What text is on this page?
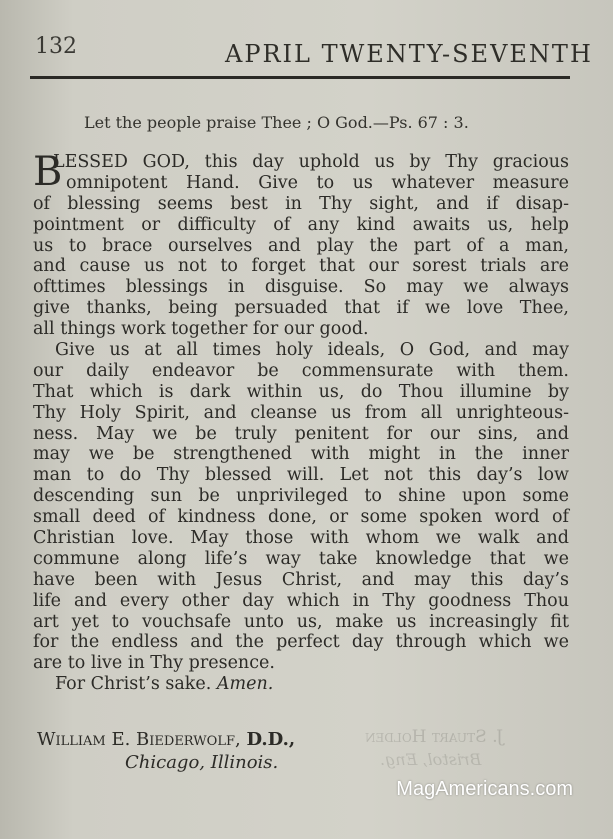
132	APRIL TWENTY-SEVENTH
Let the people praise Thee ; O God.—Ps. 67 : 3.
B
LESSED GOD, this day uphold us by Thy gracious
omnipotent Hand. Give to us whatever measure
of blessing seems best in Thy sight, and if disap-
pointment or difficulty of any kind awaits us, help
us to brace ourselves and play the part of a man,
and cause us not to forget that our sorest trials are
ofttimes blessings in disguise. So may we always
give thanks, being persuaded that if we love Thee,
all things work together for our good.
Give us at all times holy ideals, O God, and may
our daily endeavor be commensurate with them.
That which is dark within us, do Thou illumine by
Thy Holy Spirit, and cleanse us from all unrighteous-
ness. May we be truly penitent for our sins, and
may we be strengthened with might in the inner
man to do Thy blessed will. Let not this day’s low
descending sun be unprivileged to shine upon some
small deed of kindness done, or some spoken word of
Christian love. May those with whom we walk and
commune along life’s way take knowledge that we
have been with Jesus Christ, and may this day’s
life and every other day which in Thy goodness Thou
art yet to vouchsafe unto us, make us increasingly fit
for the endless and the perfect day through which we
are to live in Thy presence.
For Christ’s sake. Amen.
J. Stuart Holden
Bristol, Eng.
William E. Biederwolf, D.D.,
Chicago, Illinois.
MagAmericans.com
